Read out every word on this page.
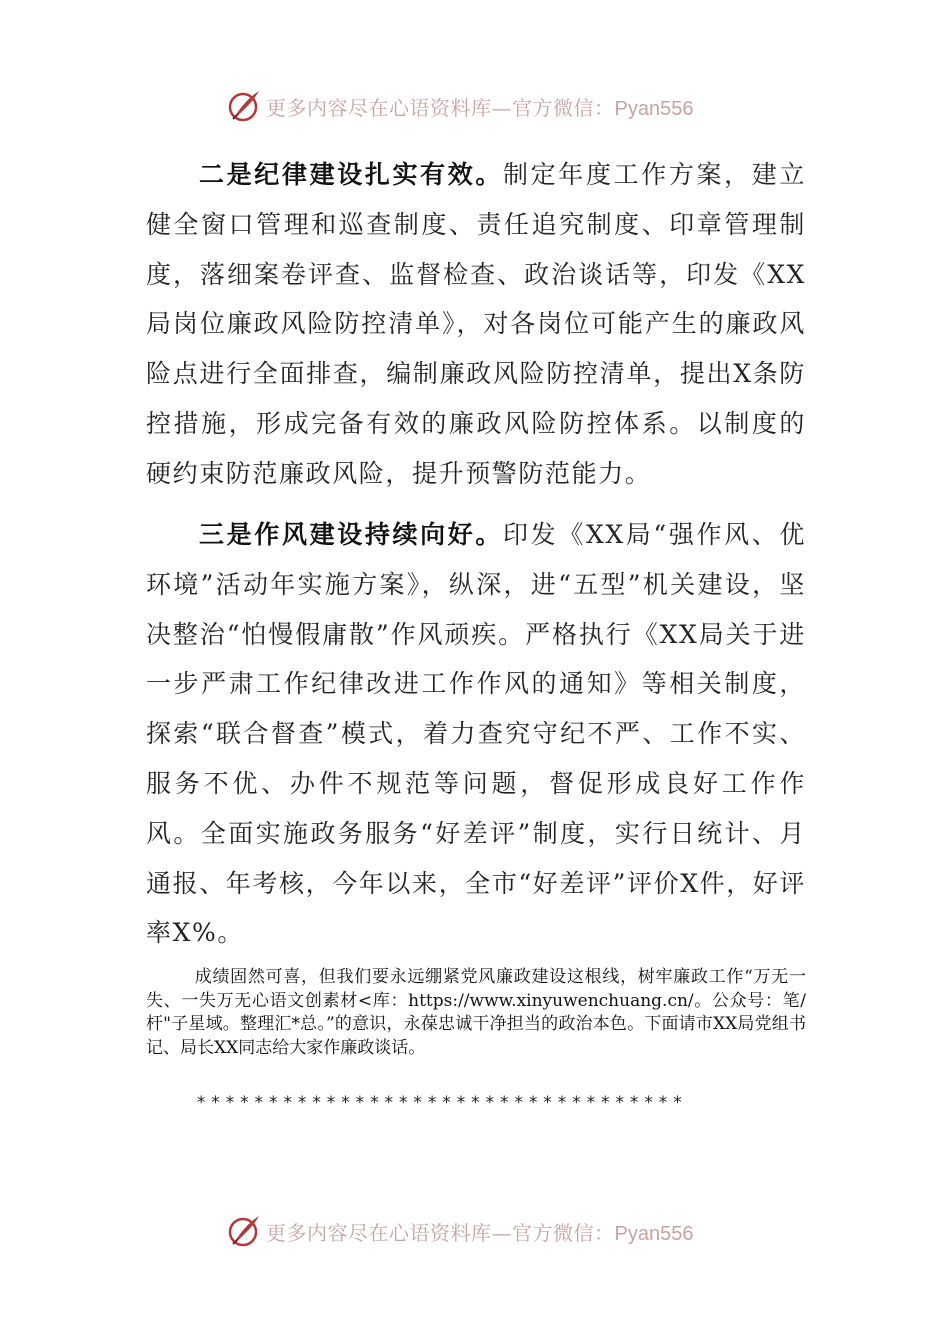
更多内容尽在心语资料库—官方微信：Pyan556
二是纪律建设扎实有效。制定年度工作方案，建立健全窗口管理和巡查制度、责任追究制度、印章管理制度，落细案卷评查、监督检查、政治谈话等，印发《XX局岗位廉政风险防控清单》，对各岗位可能产生的廉政风险点进行全面排查，编制廉政风险防控清单，提出X条防控措施，形成完备有效的廉政风险防控体系。以制度的硬约束防范廉政风险，提升预警防范能力。
三是作风建设持续向好。印发《XX局“强作风、优环境”活动年实施方案》，纵深，进“五型”机关建设，坚决整治“怕慢假庸散”作风顽疾。严格执行《XX局关于进一步严肃工作纪律改进工作作风的通知》等相关制度，探索“联合督查”模式，着力查究守纪不严、工作不实、服务不优、办件不规范等问题，督促形成良好工作作风。全面实施政务服务“好差评”制度，实行日统计、月通报、年考核，今年以来，全市“好差评”评价X件，好评率X%。
成绩固然可喜，但我们要永远绷紧党风廉政建设这根线，树牢廉政工作“万无一失、一失万无心语文创素材<库：https://www.xinyuwenchuang.cn/。公众号：笔/杆"子星域。整理汇*总。”的意识，永葆忠诚干净担当的政治本色。下面请市XX局党组书记、局长XX同志给大家作廉政谈话。
**********************************
更多内容尽在心语资料库—官方微信：Pyan556
